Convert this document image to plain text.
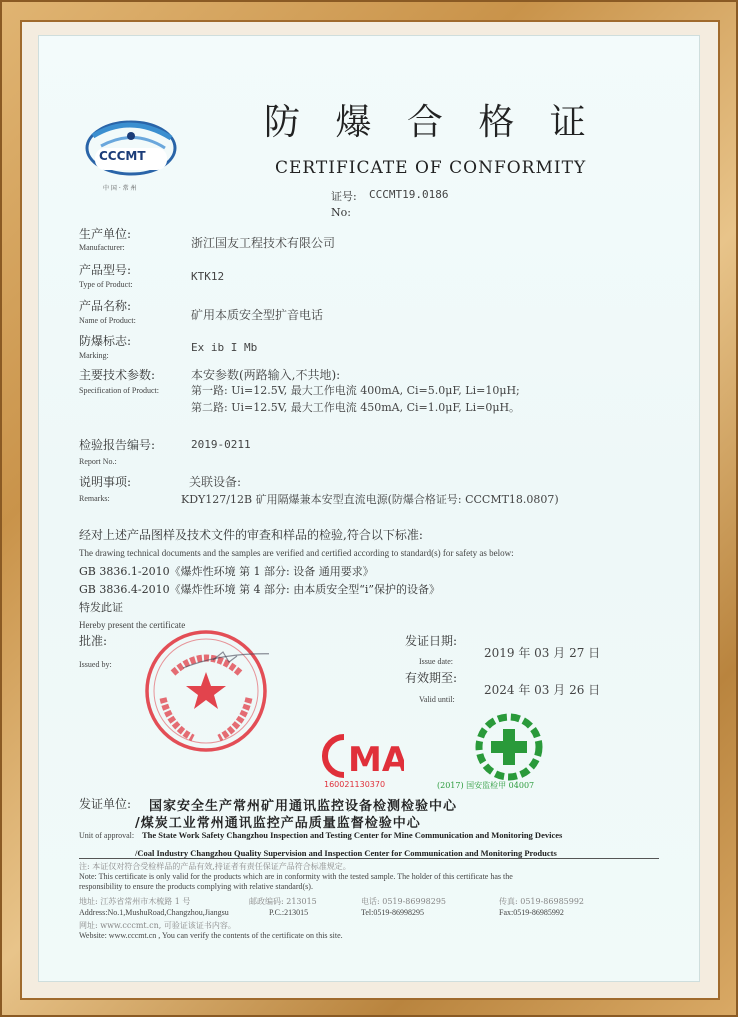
CCCMT
中 国 · 常 州
防 爆 合 格 证
CERTIFICATE OF CONFORMITY
证号: CCCMT19.0186
No:
生产单位:
Manufacturer:	浙江国友工程技术有限公司
产品型号:
Type of Product:
KTK12
产品名称:
Name of Product:	矿用本质安全型扩音电话
防爆标志:
Marking:
Ex ib I Mb
主要技术参数:
Specification of Product:
本安参数(两路输入,不共地):
第一路: Ui=12.5V, 最大工作电流 400mA, Ci=5.0μF, Li=10μH;
第二路: Ui=12.5V, 最大工作电流 450mA, Ci=1.0μF, Li=0μH。
检验报告编号:
Report No.:
2019-0211
说明事项:
Remarks:
关联设备:
KDY127/12B 矿用隔爆兼本安型直流电源(防爆合格证号: CCCMT18.0807)
经对上述产品图样及技术文件的审查和样品的检验,符合以下标准:
The drawing technical documents and the samples are verified and certified according to standard(s) for safety as below:
GB 3836.1-2010《爆炸性环境 第 1 部分: 设备 通用要求》
GB 3836.4-2010《爆炸性环境 第 4 部分: 由本质安全型“i”保护的设备》
特发此证
Hereby present the certificate
批准:
Issued by:
发证日期:
Issue date:
2019 年 03 月 27 日
有效期至:
Valid until:
2024 年 03 月 26 日
MA
160021130370	(2017) 国安监检甲 04007
发证单位: 国家安全生产常州矿用通讯监控设备检测检验中心
/煤炭工业常州通讯监控产品质量监督检验中心
Unit of approval: The State Work Safety Changzhou Inspection and Testing Center for Mine Communication and Monitoring Devices
/Coal Industry Changzhou Quality Supervision and Inspection Center for Communication and Monitoring Products
注: 本证仅对符合受检样品的产品有效,持证者有责任保证产品符合标准规定。
Note: This certificate is only valid for the products which are in conformity with the tested sample. The holder of this certificate has the
responsibility to ensure the products complying with relative standard(s).
地址: 江苏省常州市木梳路 1 号	邮政编码: 213015	电话: 0519-86998295	传真: 0519-86985992
Address:No.1,MushuRoad,Changzhou,Jiangsu	P.C.:213015	Tel:0519-86998295	Fax:0519-86985992
网址: www.cccmt.cn, 可验证该证书内容。
Website: www.cccmt.cn , You can verify the contents of the certificate on this site.
